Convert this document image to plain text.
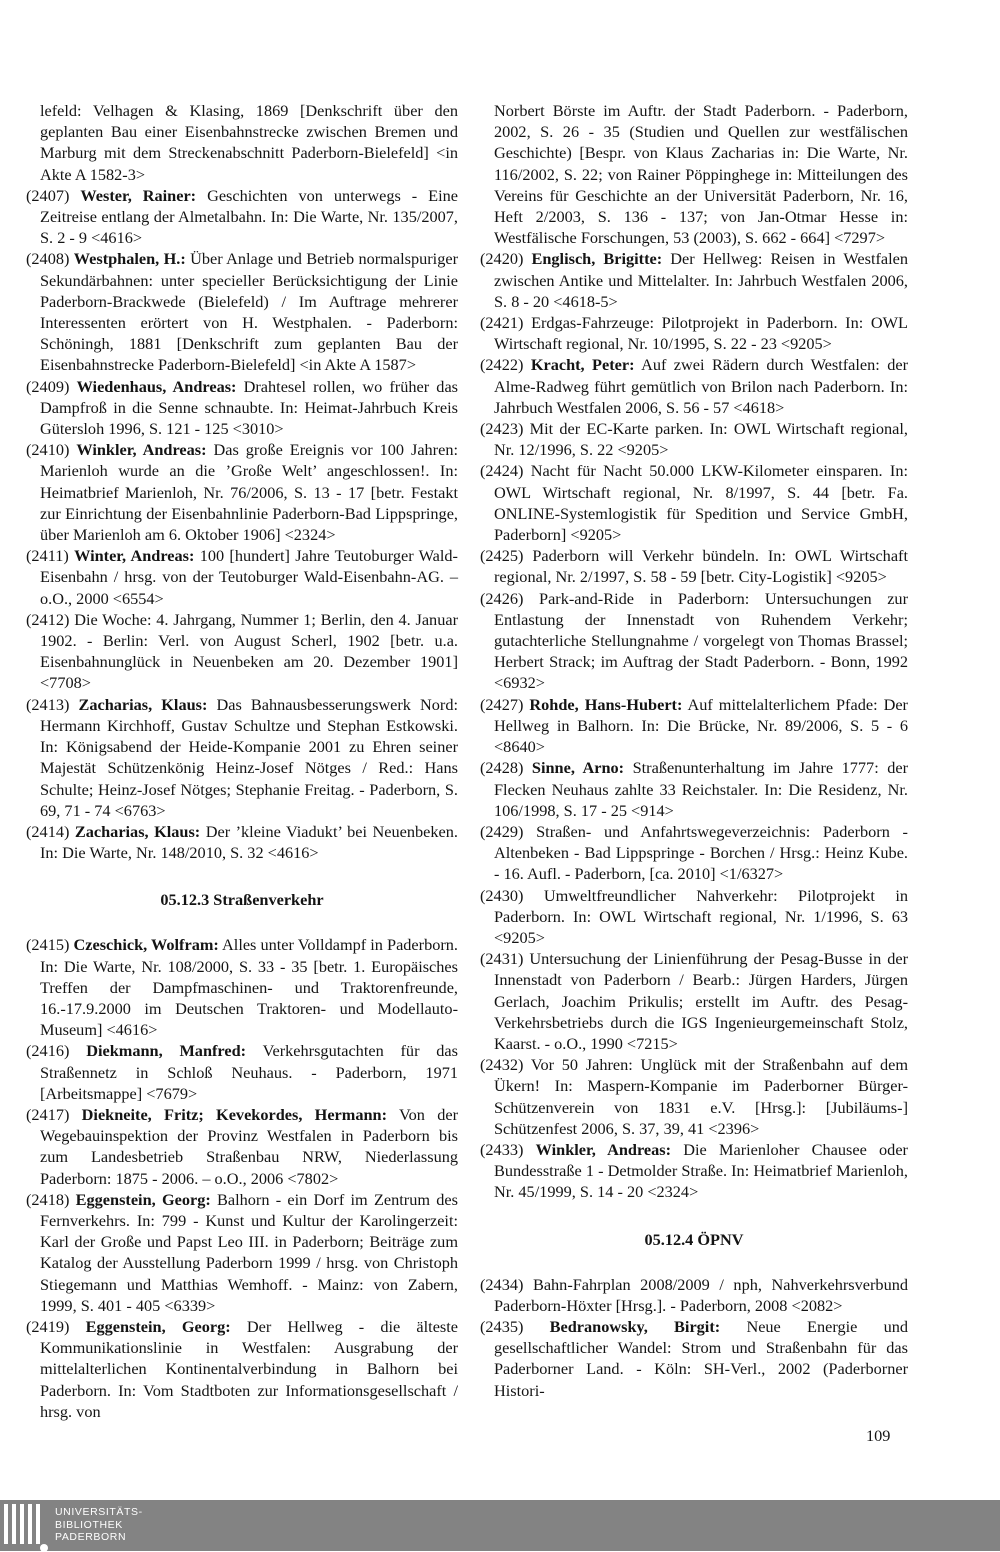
lefeld: Velhagen & Klasing, 1869 [Denkschrift über den geplanten Bau einer Eisenbahnstrecke zwischen Bremen und Marburg mit dem Streckenabschnitt Paderborn-Bielefeld] <in Akte A 1582-3>

(2407) Wester, Rainer: Geschichten von unterwegs - Eine Zeitreise entlang der Almetalbahn. In: Die Warte, Nr. 135/2007, S. 2 - 9 <4616>

(2408) Westphalen, H.: Über Anlage und Betrieb normalspuriger Sekundärbahnen: unter specieller Berücksichtigung der Linie Paderborn-Brackwede (Bielefeld) / Im Auftrage mehrerer Interessenten erörtert von H. Westphalen. - Paderborn: Schöningh, 1881 [Denkschrift zum geplanten Bau der Eisenbahnstrecke Paderborn-Bielefeld] <in Akte A 1587>

(2409) Wiedenhaus, Andreas: Drahtesel rollen, wo früher das Dampfroß in die Senne schnaubte. In: Heimat-Jahrbuch Kreis Gütersloh 1996, S. 121 - 125 <3010>

(2410) Winkler, Andreas: Das große Ereignis vor 100 Jahren: Marienloh wurde an die ’Große Welt’ angeschlossen!. In: Heimatbrief Marienloh, Nr. 76/2006, S. 13 - 17 [betr. Festakt zur Einrichtung der Eisenbahnlinie Paderborn-Bad Lippspringe, über Marienloh am 6. Oktober 1906] <2324>

(2411) Winter, Andreas: 100 [hundert] Jahre Teutoburger Wald-Eisenbahn / hrsg. von der Teutoburger Wald-Eisenbahn-AG. – o.O., 2000 <6554>

(2412) Die Woche: 4. Jahrgang, Nummer 1; Berlin, den 4. Januar 1902. - Berlin: Verl. von August Scherl, 1902 [betr. u.a. Eisenbahnunglück in Neuenbeken am 20. Dezember 1901] <7708>

(2413) Zacharias, Klaus: Das Bahnausbesserungswerk Nord: Hermann Kirchhoff, Gustav Schultze und Stephan Estkowski. In: Königsabend der Heide-Kompanie 2001 zu Ehren seiner Majestät Schützenkönig Heinz-Josef Nötges / Red.: Hans Schulte; Heinz-Josef Nötges; Stephanie Freitag. - Paderborn, S. 69, 71 - 74 <6763>

(2414) Zacharias, Klaus: Der ’kleine Viadukt’ bei Neuenbeken. In: Die Warte, Nr. 148/2010, S. 32 <4616>

05.12.3 Straßenverkehr

(2415) Czeschick, Wolfram: Alles unter Volldampf in Paderborn. In: Die Warte, Nr. 108/2000, S. 33 - 35 [betr. 1. Europäisches Treffen der Dampfmaschinen- und Traktorenfreunde, 16.-17.9.2000 im Deutschen Traktoren- und Modellauto-Museum] <4616>

(2416) Diekmann, Manfred: Verkehrsgutachten für das Straßennetz in Schloß Neuhaus. - Paderborn, 1971 [Arbeitsmappe] <7679>

(2417) Diekneite, Fritz; Kevekordes, Hermann: Von der Wegebauinspektion der Provinz Westfalen in Paderborn bis zum Landesbetrieb Straßenbau NRW, Niederlassung Paderborn: 1875 - 2006. – o.O., 2006 <7802>

(2418) Eggenstein, Georg: Balhorn - ein Dorf im Zentrum des Fernverkehrs. In: 799 - Kunst und Kultur der Karolingerzeit: Karl der Große und Papst Leo III. in Paderborn; Beiträge zum Katalog der Ausstellung Paderborn 1999 / hrsg. von Christoph Stiegemann und Matthias Wemhoff. - Mainz: von Zabern, 1999, S. 401 - 405 <6339>

(2419) Eggenstein, Georg: Der Hellweg - die älteste Kommunikationslinie in Westfalen: Ausgrabung der mittelalterlichen Kontinentalverbindung in Balhorn bei Paderborn. In: Vom Stadtboten zur Informationsgesellschaft / hrsg. von

Norbert Börste im Auftr. der Stadt Paderborn. - Paderborn, 2002, S. 26 - 35 (Studien und Quellen zur westfälischen Geschichte) [Bespr. von Klaus Zacharias in: Die Warte, Nr. 116/2002, S. 22; von Rainer Pöppinghege in: Mitteilungen des Vereins für Geschichte an der Universität Paderborn, Nr. 16, Heft 2/2003, S. 136 - 137; von Jan-Otmar Hesse in: Westfälische Forschungen, 53 (2003), S. 662 - 664] <7297>

(2420) Englisch, Brigitte: Der Hellweg: Reisen in Westfalen zwischen Antike und Mittelalter. In: Jahrbuch Westfalen 2006, S. 8 - 20 <4618-5>

(2421) Erdgas-Fahrzeuge: Pilotprojekt in Paderborn. In: OWL Wirtschaft regional, Nr. 10/1995, S. 22 - 23 <9205>

(2422) Kracht, Peter: Auf zwei Rädern durch Westfalen: der Alme-Radweg führt gemütlich von Brilon nach Paderborn. In: Jahrbuch Westfalen 2006, S. 56 - 57 <4618>

(2423) Mit der EC-Karte parken. In: OWL Wirtschaft regional, Nr. 12/1996, S. 22 <9205>

(2424) Nacht für Nacht 50.000 LKW-Kilometer einsparen. In: OWL Wirtschaft regional, Nr. 8/1997, S. 44 [betr. Fa. ONLINE-Systemlogistik für Spedition und Service GmbH, Paderborn] <9205>

(2425) Paderborn will Verkehr bündeln. In: OWL Wirtschaft regional, Nr. 2/1997, S. 58 - 59 [betr. City-Logistik] <9205>

(2426) Park-and-Ride in Paderborn: Untersuchungen zur Entlastung der Innenstadt von Ruhendem Verkehr; gutachterliche Stellungnahme / vorgelegt von Thomas Brassel; Herbert Strack; im Auftrag der Stadt Paderborn. - Bonn, 1992 <6932>

(2427) Rohde, Hans-Hubert: Auf mittelalterlichem Pfade: Der Hellweg in Balhorn. In: Die Brücke, Nr. 89/2006, S. 5 - 6 <8640>

(2428) Sinne, Arno: Straßenunterhaltung im Jahre 1777: der Flecken Neuhaus zahlte 33 Reichstaler. In: Die Residenz, Nr. 106/1998, S. 17 - 25 <914>

(2429) Straßen- und Anfahrtswegeverzeichnis: Paderborn - Altenbeken - Bad Lippspringe - Borchen / Hrsg.: Heinz Kube. - 16. Aufl. - Paderborn, [ca. 2010] <1/6327>

(2430) Umweltfreundlicher Nahverkehr: Pilotprojekt in Paderborn. In: OWL Wirtschaft regional, Nr. 1/1996, S. 63 <9205>

(2431) Untersuchung der Linienführung der Pesag-Busse in der Innenstadt von Paderborn / Bearb.: Jürgen Harders, Jürgen Gerlach, Joachim Prikulis; erstellt im Auftr. des Pesag-Verkehrsbetriebs durch die IGS Ingenieurgemeinschaft Stolz, Kaarst. - o.O., 1990 <7215>

(2432) Vor 50 Jahren: Unglück mit der Straßenbahn auf dem Ükern! In: Maspern-Kompanie im Paderborner Bürger-Schützenverein von 1831 e.V. [Hrsg.]: [Jubiläums-] Schützenfest 2006, S. 37, 39, 41 <2396>

(2433) Winkler, Andreas: Die Marienloher Chausee oder Bundesstraße 1 - Detmolder Straße. In: Heimatbrief Marienloh, Nr. 45/1999, S. 14 - 20 <2324>

05.12.4 ÖPNV

(2434) Bahn-Fahrplan 2008/2009 / nph, Nahverkehrsverbund Paderborn-Höxter [Hrsg.]. - Paderborn, 2008 <2082>

(2435) Bedranowsky, Birgit: Neue Energie und gesellschaftlicher Wandel: Strom und Straßenbahn für das Paderborner Land. - Köln: SH-Verl., 2002 (Paderborner Histori-

109
UNIVERSITÄTS-
BIBLIOTHEK
PADERBORN
